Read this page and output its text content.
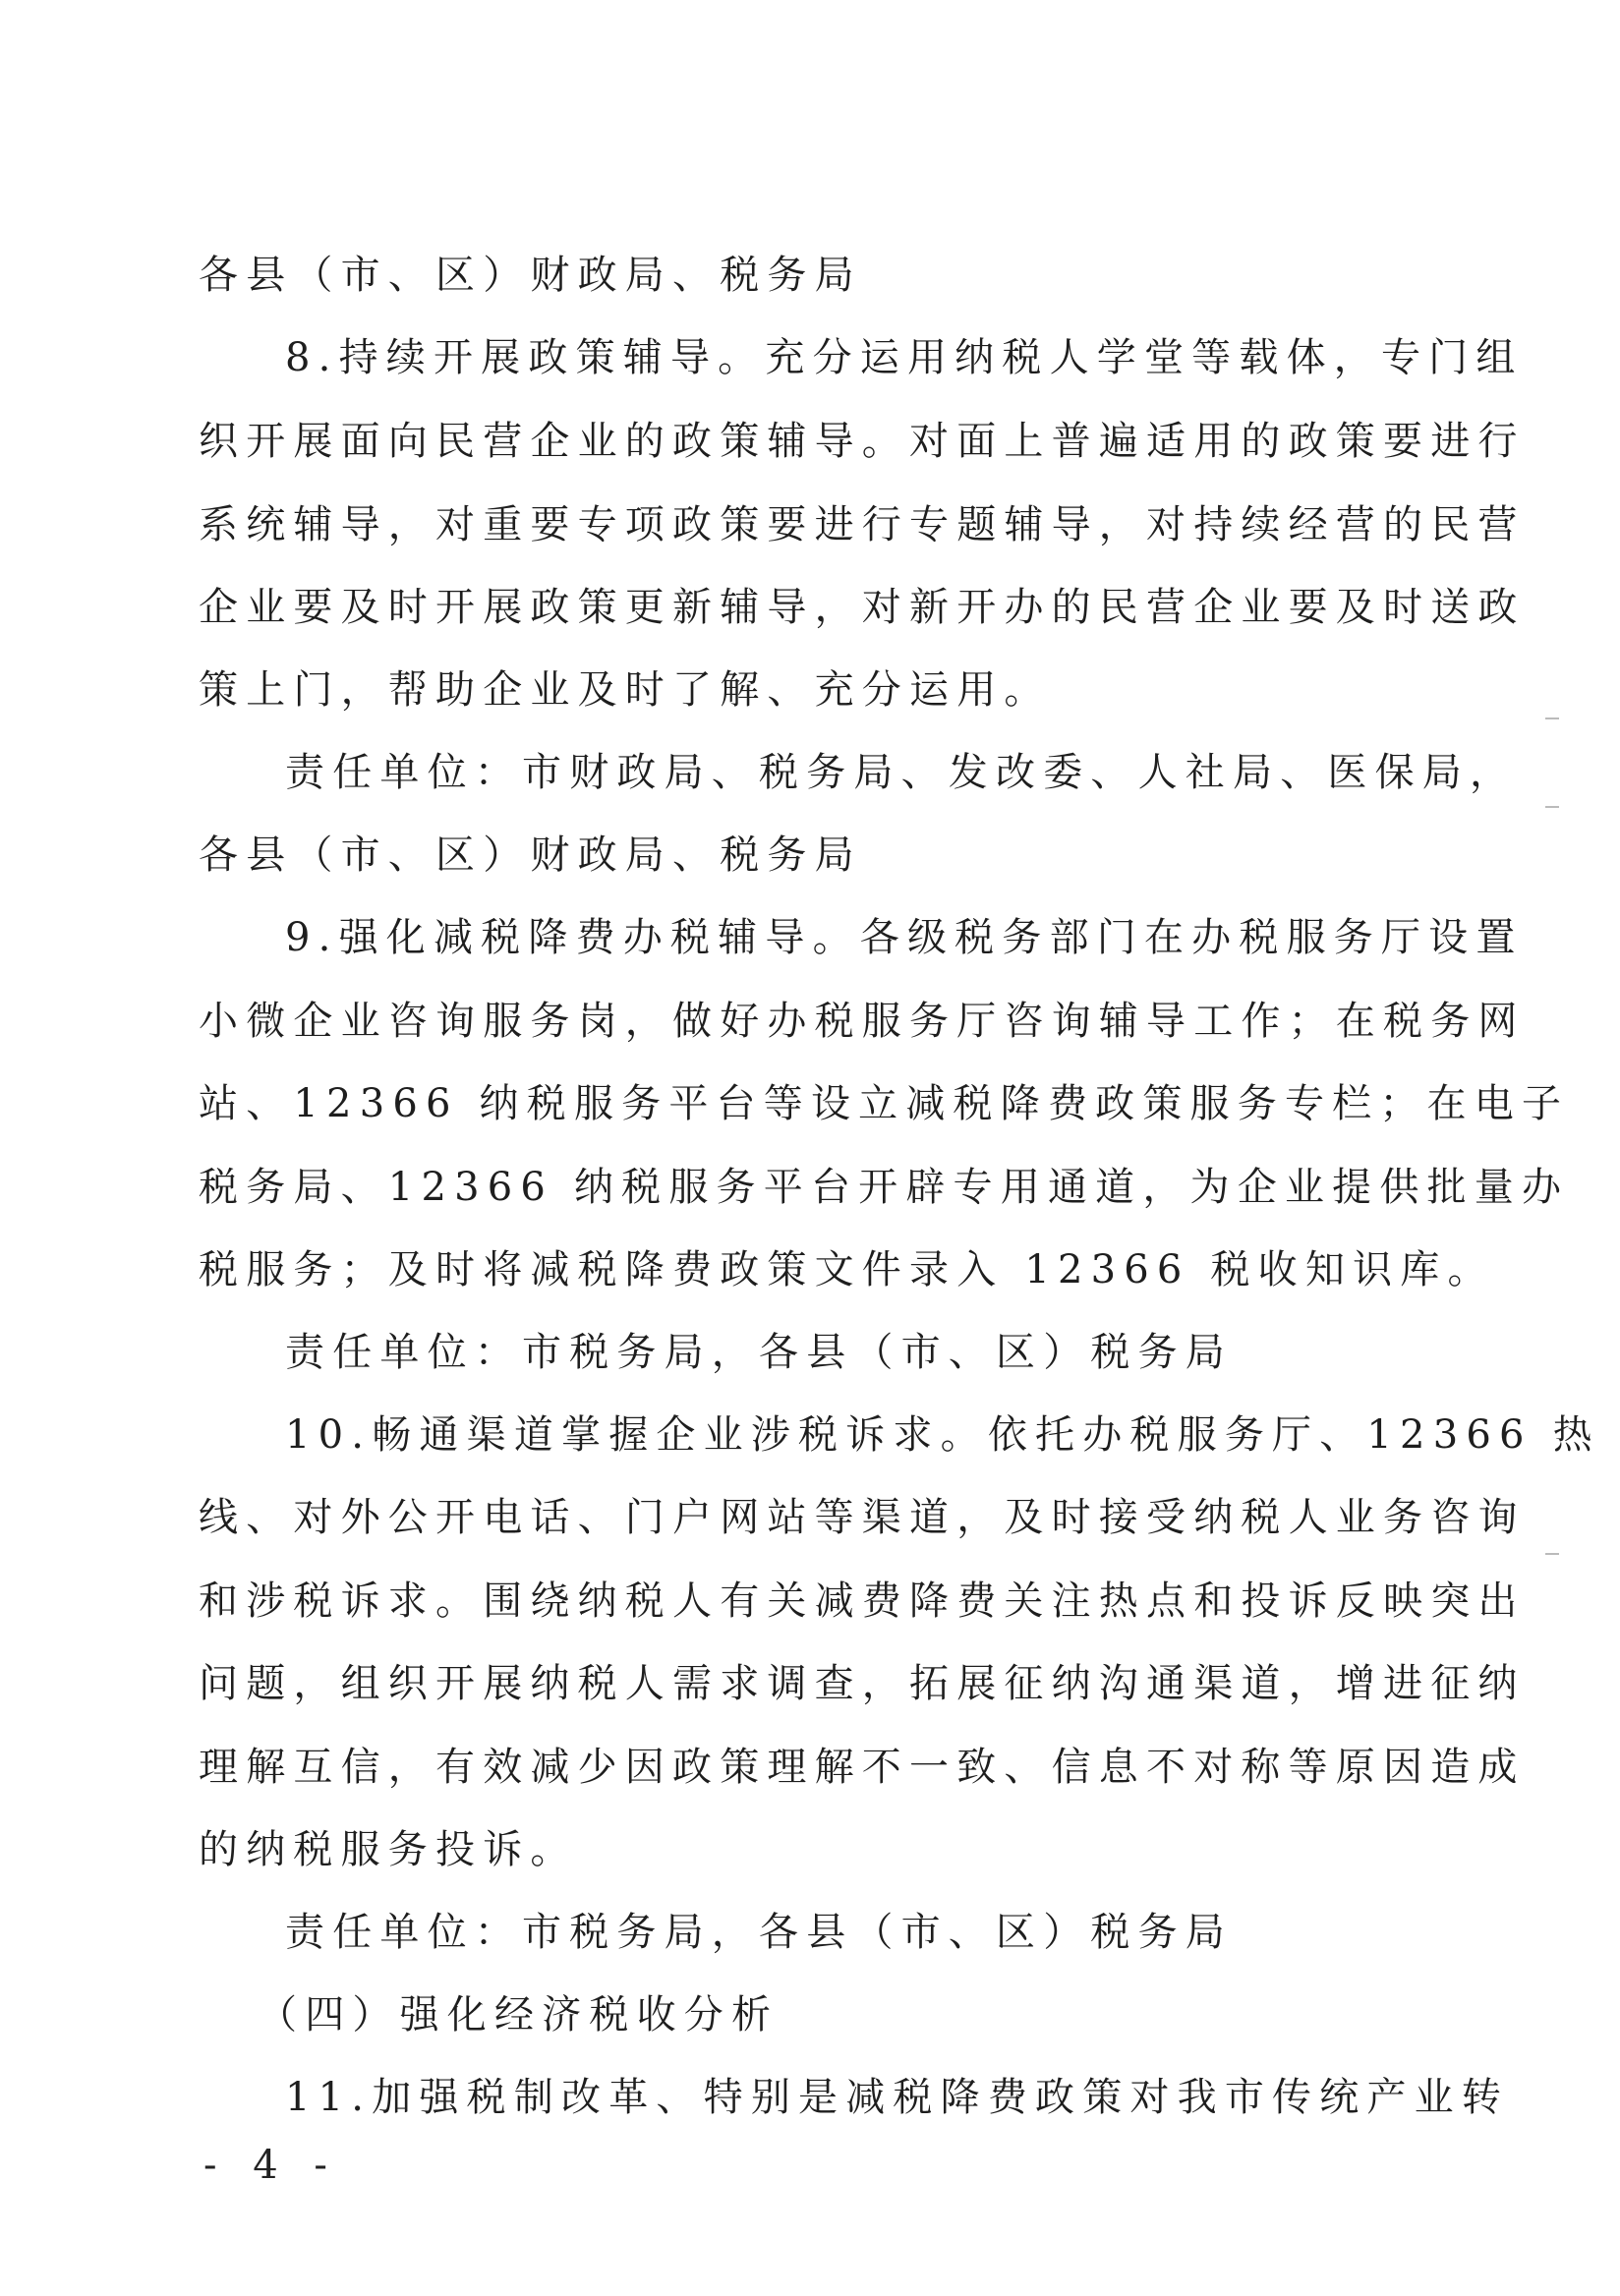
各县（市、区）财政局、税务局
8.持续开展政策辅导。充分运用纳税人学堂等载体，专门组
织开展面向民营企业的政策辅导。对面上普遍适用的政策要进行
系统辅导，对重要专项政策要进行专题辅导，对持续经营的民营
企业要及时开展政策更新辅导，对新开办的民营企业要及时送政
策上门，帮助企业及时了解、充分运用。
责任单位：市财政局、税务局、发改委、人社局、医保局，
各县（市、区）财政局、税务局
9.强化减税降费办税辅导。各级税务部门在办税服务厅设置
小微企业咨询服务岗，做好办税服务厅咨询辅导工作；在税务网
站、12366 纳税服务平台等设立减税降费政策服务专栏；在电子
税务局、12366 纳税服务平台开辟专用通道，为企业提供批量办
税服务；及时将减税降费政策文件录入 12366 税收知识库。
责任单位：市税务局，各县（市、区）税务局
10.畅通渠道掌握企业涉税诉求。依托办税服务厅、12366 热
线、对外公开电话、门户网站等渠道，及时接受纳税人业务咨询
和涉税诉求。围绕纳税人有关减费降费关注热点和投诉反映突出
问题，组织开展纳税人需求调查，拓展征纳沟通渠道，增进征纳
理解互信，有效减少因政策理解不一致、信息不对称等原因造成
的纳税服务投诉。
责任单位：市税务局，各县（市、区）税务局
（四）强化经济税收分析
11.加强税制改革、特别是减税降费政策对我市传统产业转
- 4 -
